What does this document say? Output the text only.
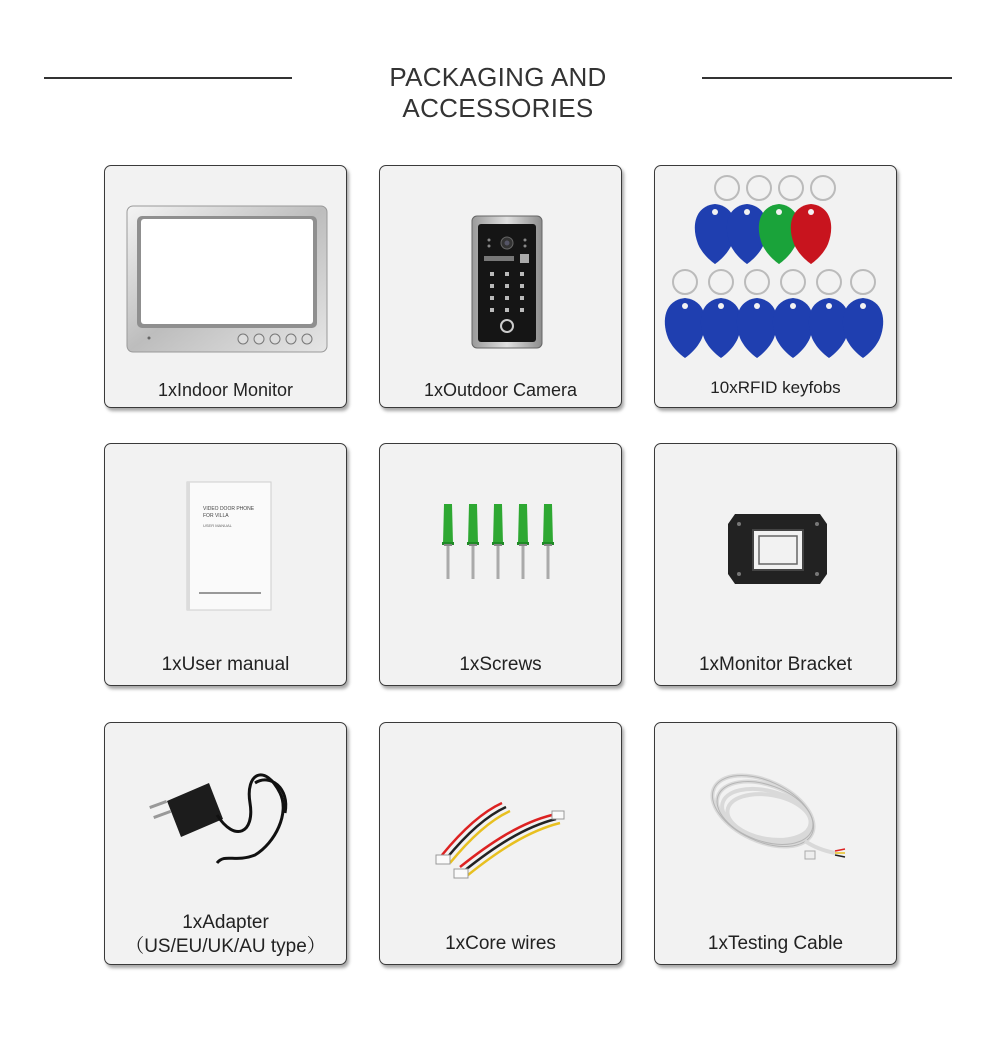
PACKAGING AND ACCESSORIES
1xIndoor Monitor	1xOutdoor Camera	10xRFID keyfobs
VIDEO DOOR PHONE
FOR VILLA
USER MANUAL
1xUser manual	1xScrews	1xMonitor Bracket
1xAdapter
（US/EU/UK/AU type）	1xCore wires	1xTesting Cable
